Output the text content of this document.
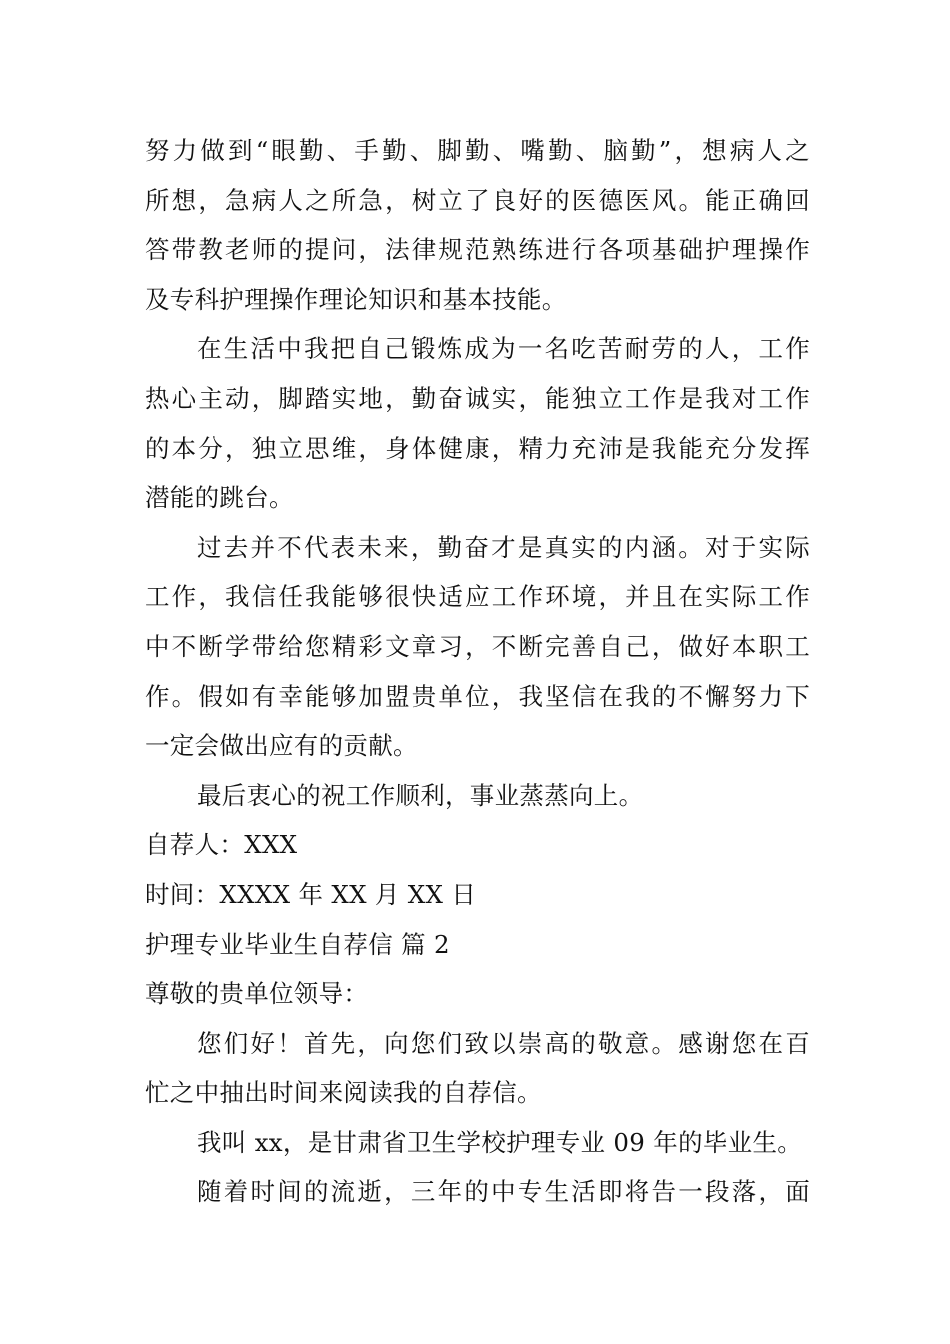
努力做到“眼勤、手勤、脚勤、嘴勤、脑勤”，想病人之
所想，急病人之所急，树立了良好的医德医风。能正确回
答带教老师的提问，法律规范熟练进行各项基础护理操作
及专科护理操作理论知识和基本技能。
在生活中我把自己锻炼成为一名吃苦耐劳的人，工作
热心主动，脚踏实地，勤奋诚实，能独立工作是我对工作
的本分，独立思维，身体健康，精力充沛是我能充分发挥
潜能的跳台。
过去并不代表未来，勤奋才是真实的内涵。对于实际
工作，我信任我能够很快适应工作环境，并且在实际工作
中不断学带给您精彩文章习，不断完善自己，做好本职工
作。假如有幸能够加盟贵单位，我坚信在我的不懈努力下
一定会做出应有的贡献。
最后衷心的祝工作顺利，事业蒸蒸向上。
自荐人：XXX
时间：XXXX 年 XX 月 XX 日
护理专业毕业生自荐信 篇 2
尊敬的贵单位领导：
您们好！首先，向您们致以崇高的敬意。感谢您在百
忙之中抽出时间来阅读我的自荐信。
我叫 xx，是甘肃省卫生学校护理专业 09 年的毕业生。
随着时间的流逝，三年的中专生活即将告一段落，面
